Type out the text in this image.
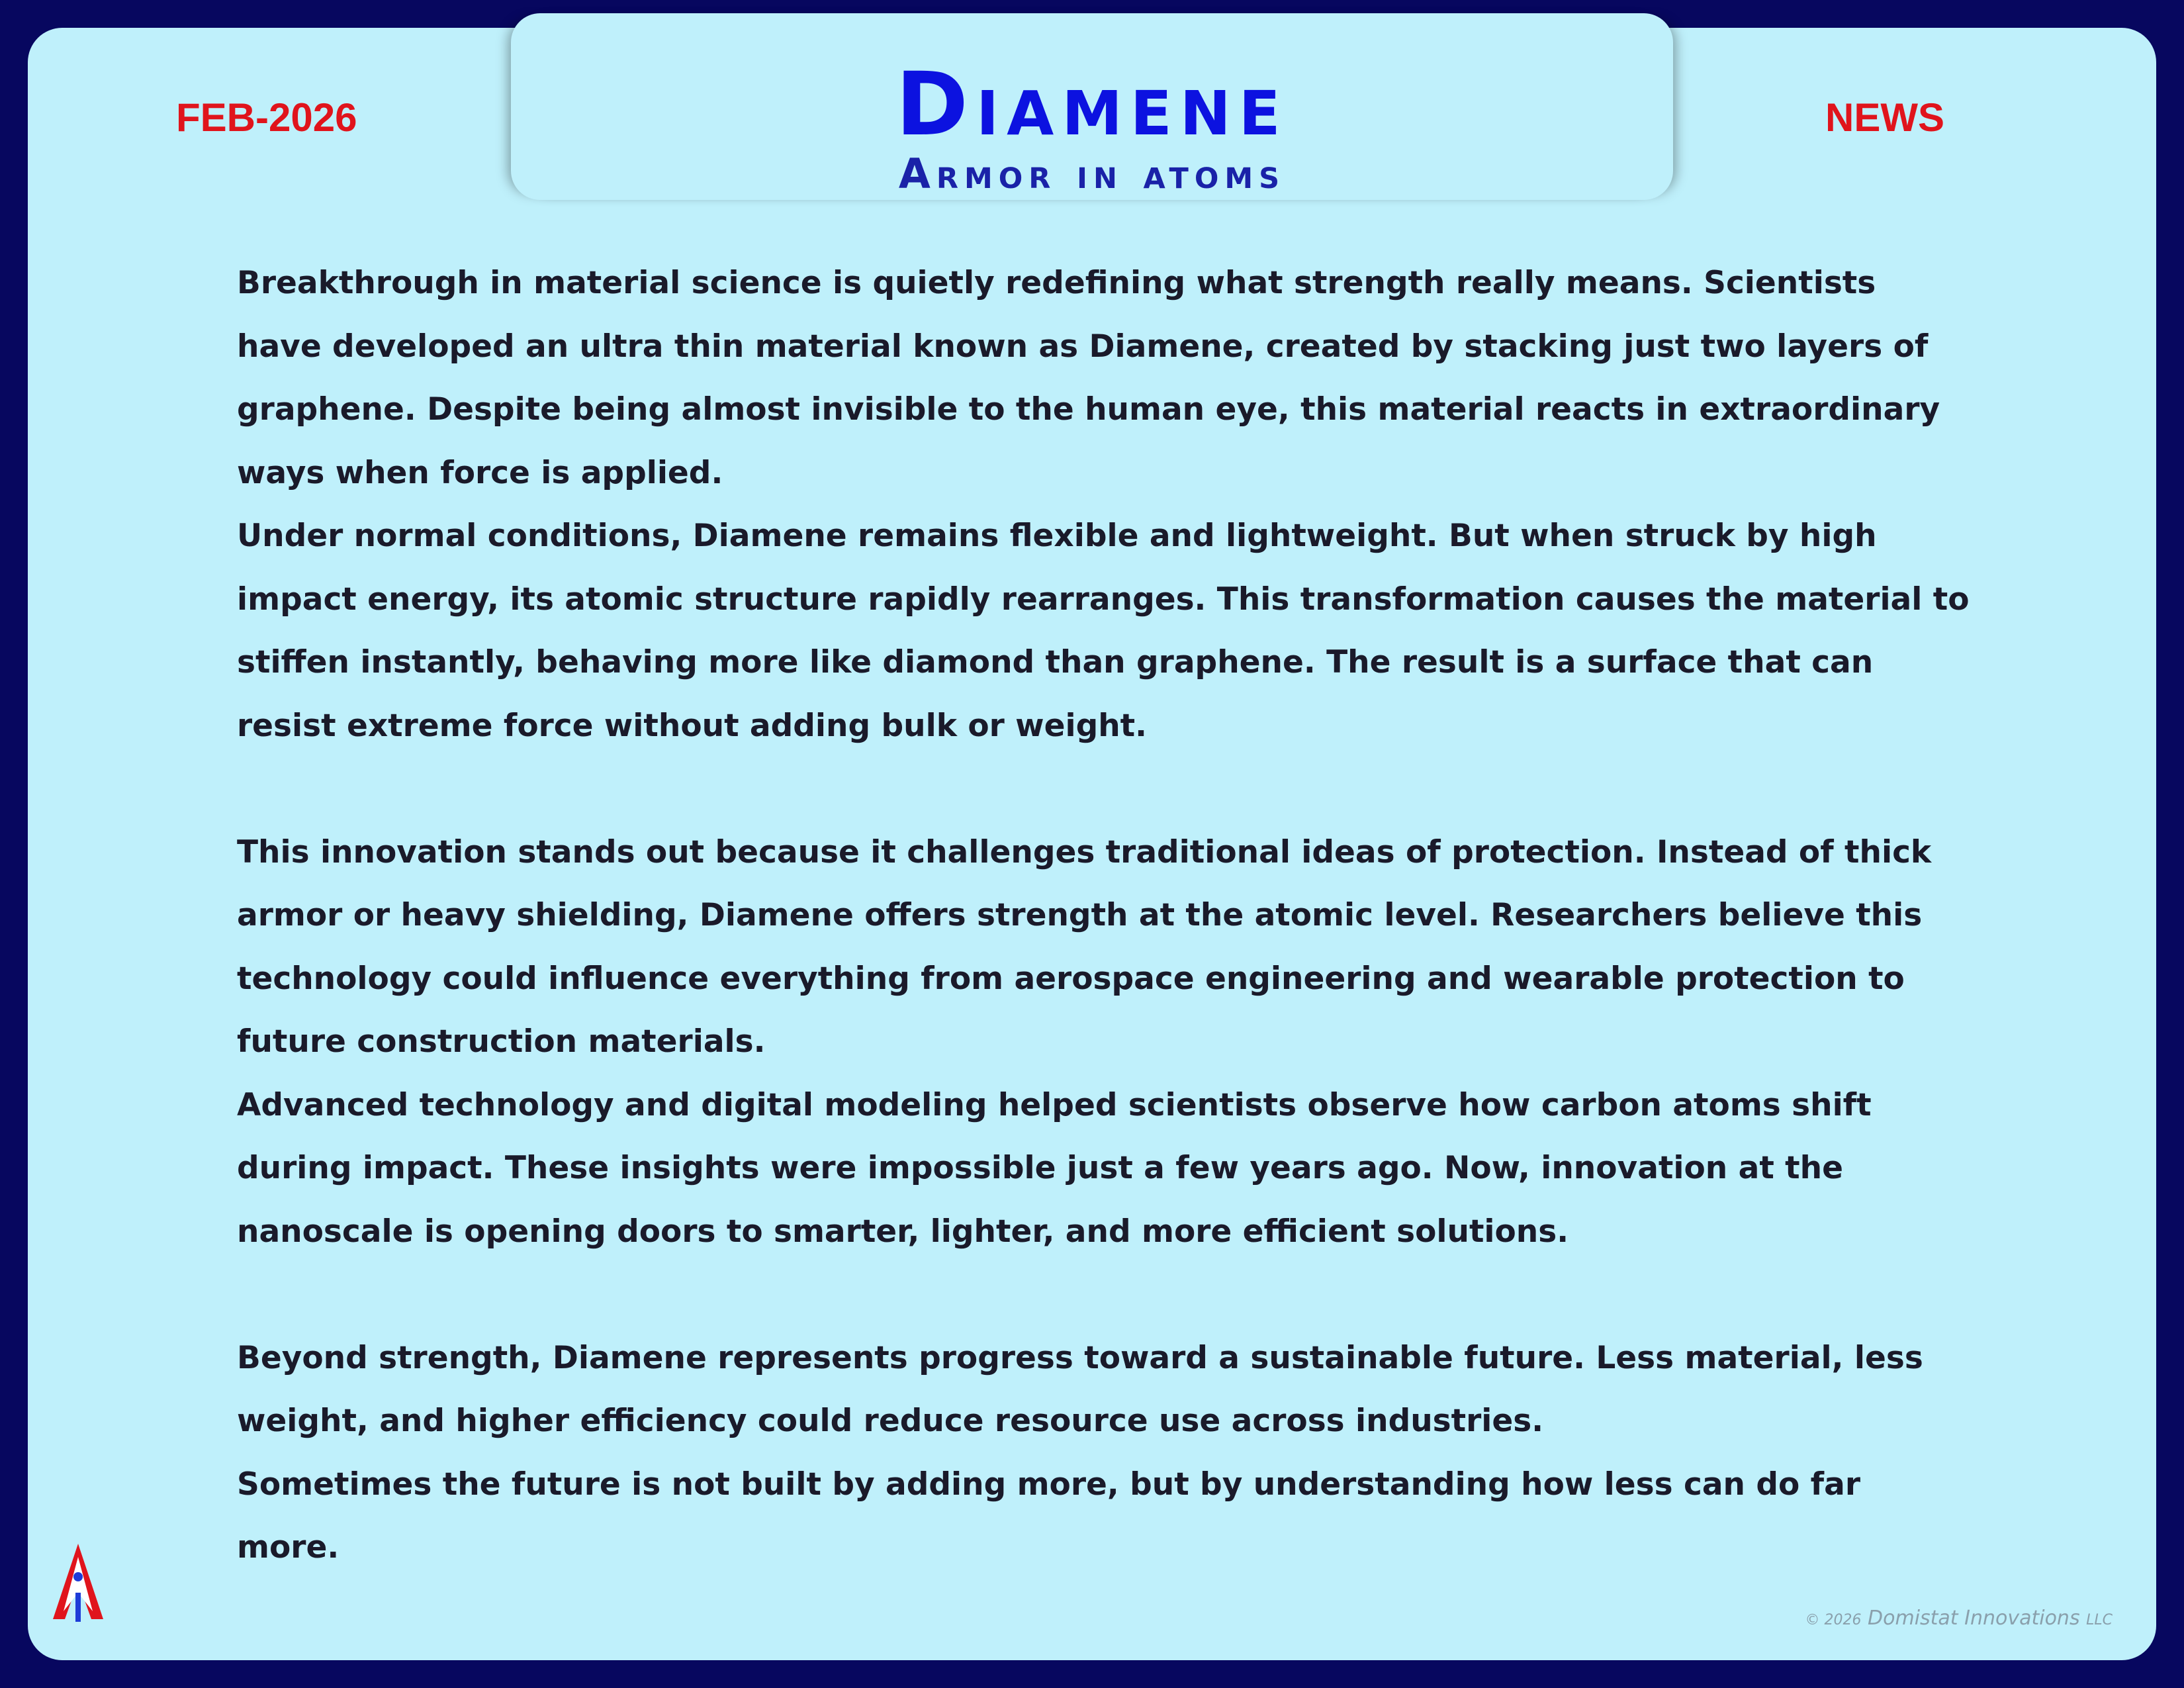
Diamene
Armor in atoms
FEB-2026	NEWS

Breakthrough in material science is quietly redefining what strength really means. Scientists have developed an ultra thin material known as Diamene, created by stacking just two layers of graphene. Despite being almost invisible to the human eye, this material reacts in extraordinary ways when force is applied.

Under normal conditions, Diamene remains flexible and lightweight. But when struck by high impact energy, its atomic structure rapidly rearranges. This transformation causes the material to stiffen instantly, behaving more like diamond than graphene. The result is a surface that can resist extreme force without adding bulk or weight.

This innovation stands out because it challenges traditional ideas of protection. Instead of thick armor or heavy shielding, Diamene offers strength at the atomic level. Researchers believe this technology could influence everything from aerospace engineering and wearable protection to future construction materials.

Advanced technology and digital modeling helped scientists observe how carbon atoms shift during impact. These insights were impossible just a few years ago. Now, innovation at the nanoscale is opening doors to smarter, lighter, and more efficient solutions.

Beyond strength, Diamene represents progress toward a sustainable future. Less material, less weight, and higher efficiency could reduce resource use across industries.

Sometimes the future is not built by adding more, but by understanding how less can do far more.

© 2026 Domistat Innovations LLC
